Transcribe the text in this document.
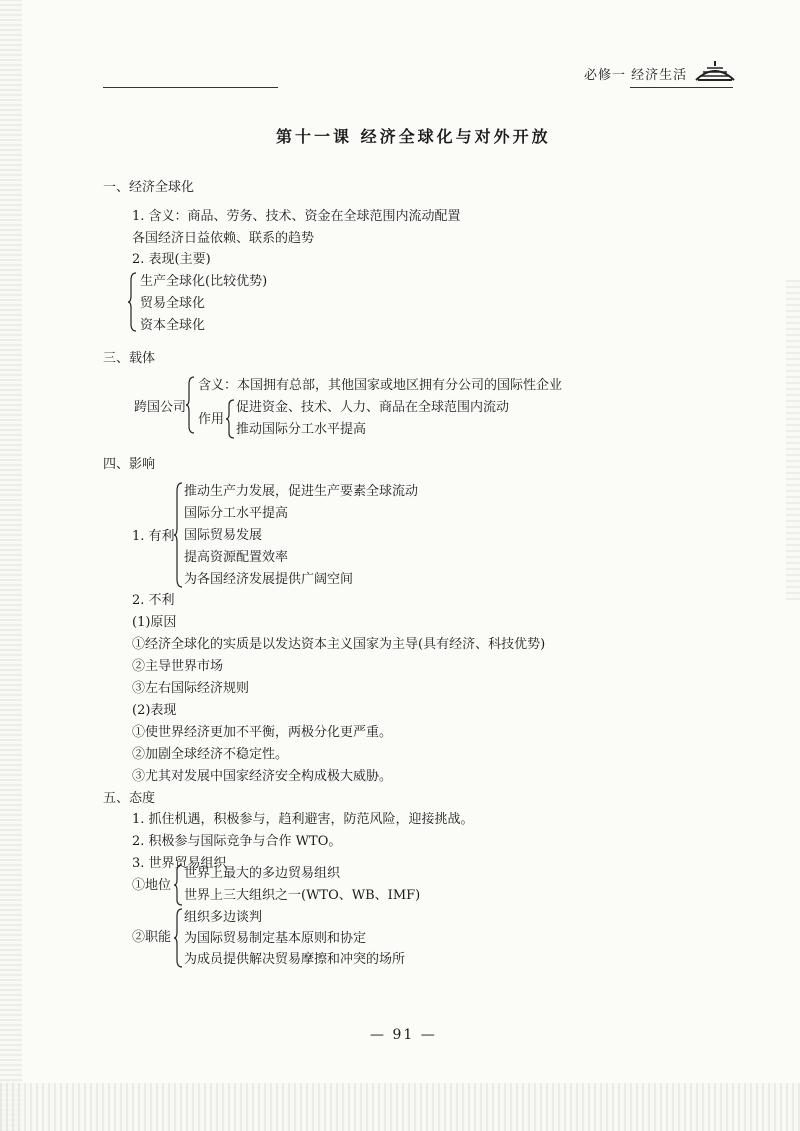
必修一 经济生活
第十一课 经济全球化与对外开放
一、经济全球化
1. 含义：商品、劳务、技术、资金在全球范围内流动配置
各国经济日益依赖、联系的趋势
2. 表现(主要)
生产全球化(比较优势)
贸易全球化
资本全球化
三、载体
跨国公司
含义：本国拥有总部，其他国家或地区拥有分公司的国际性企业
作用
促进资金、技术、人力、商品在全球范围内流动
推动国际分工水平提高
四、影响
1. 有利
推动生产力发展，促进生产要素全球流动
国际分工水平提高
国际贸易发展
提高资源配置效率
为各国经济发展提供广阔空间
2. 不利
(1)原因
①经济全球化的实质是以发达资本主义国家为主导(具有经济、科技优势)
②主导世界市场
③左右国际经济规则
(2)表现
①使世界经济更加不平衡，两极分化更严重。
②加剧全球经济不稳定性。
③尤其对发展中国家经济安全构成极大威胁。
五、态度
1. 抓住机遇，积极参与，趋利避害，防范风险，迎接挑战。
2. 积极参与国际竞争与合作 WTO。
3. 世界贸易组织
①地位
世界上最大的多边贸易组织
世界上三大组织之一(WTO、WB、IMF)
②职能
组织多边谈判
为国际贸易制定基本原则和协定
为成员提供解决贸易摩擦和冲突的场所
— 91 —
